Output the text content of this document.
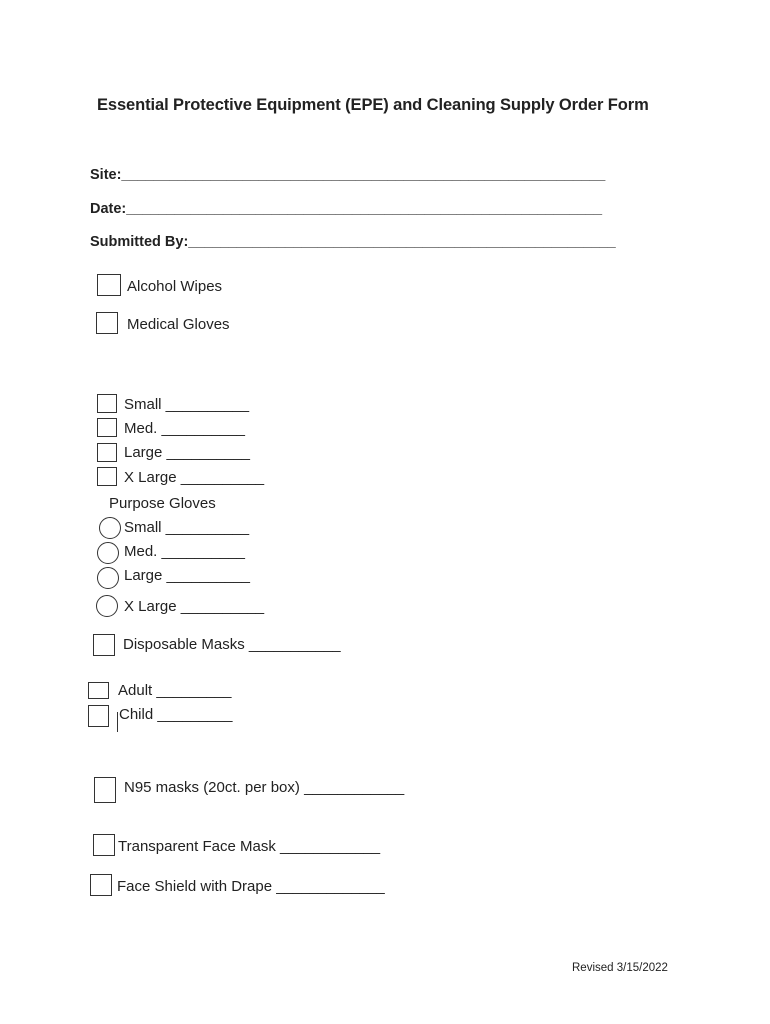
Essential Protective Equipment (EPE) and Cleaning Supply Order Form
Site:____________________________________________________________
Date:___________________________________________________________
Submitted By:_____________________________________________________
Alcohol Wipes
Medical Gloves
Small __________
Med. __________
Large __________
X Large __________
Purpose Gloves
Small __________
Med. __________
Large __________
X Large __________
Disposable Masks ___________
Adult _________
Child _________
N95 masks (20ct. per box) ____________
Transparent Face Mask ____________
Face Shield with Drape _____________
Revised 3/15/2022
